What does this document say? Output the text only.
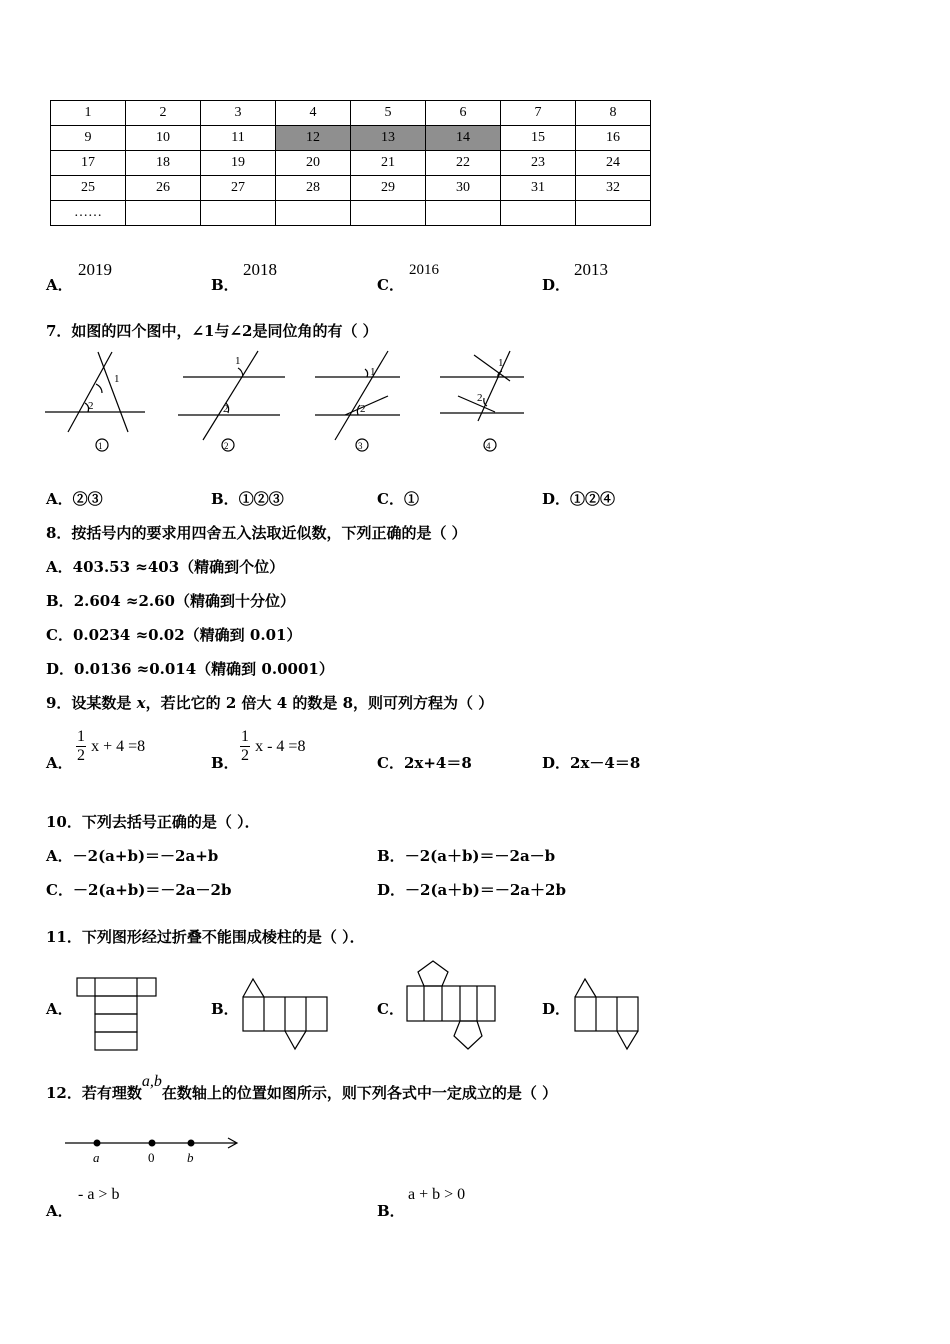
1	2	3	4	5	6	7	8
9	10	11	12	13	14	15	16
17	18	19	20	21	22	23	24
25	26	27	28	29	30	31	32
……							
A．
2019
B．
2018
C．
2016
D．
2013
7．如图的四个图中，∠1与∠2是同位角的有（ ）
1
2
1
2
1
2
1
2
1	2	3	4
A．②③	B．①②③	C．①	D．①②④
8．按括号内的要求用四舍五入法取近似数，下列正确的是（ ）
A．403.53 ≈403（精确到个位）
B．2.604 ≈2.60（精确到十分位）
C．0.0234 ≈0.02（精确到 0.01）
D．0.0136 ≈0.014（精确到 0.0001）
9．设某数是 x，若比它的 2 倍大 4 的数是 8，则可列方程为（ ）
A． $\frac{1}{2}$ x + 4 =8
B． $\frac{1}{2}$ x - 4 =8
C．2x+4＝8	D．2x－4＝8
10．下列去括号正确的是（ ）．
A．－2(a+b)＝－2a+b	B．－2(a＋b)＝－2a－b
C．－2(a+b)＝－2a－2b	D．－2(a＋b)＝－2a＋2b
11．下列图形经过折叠不能围成棱柱的是（ ）．
A．	B．	C．	D．
12．若有理数a,b在数轴上的位置如图所示，则下列各式中一定成立的是（ ）
a	0	b
A．
- a > b
B．
a + b > 0
